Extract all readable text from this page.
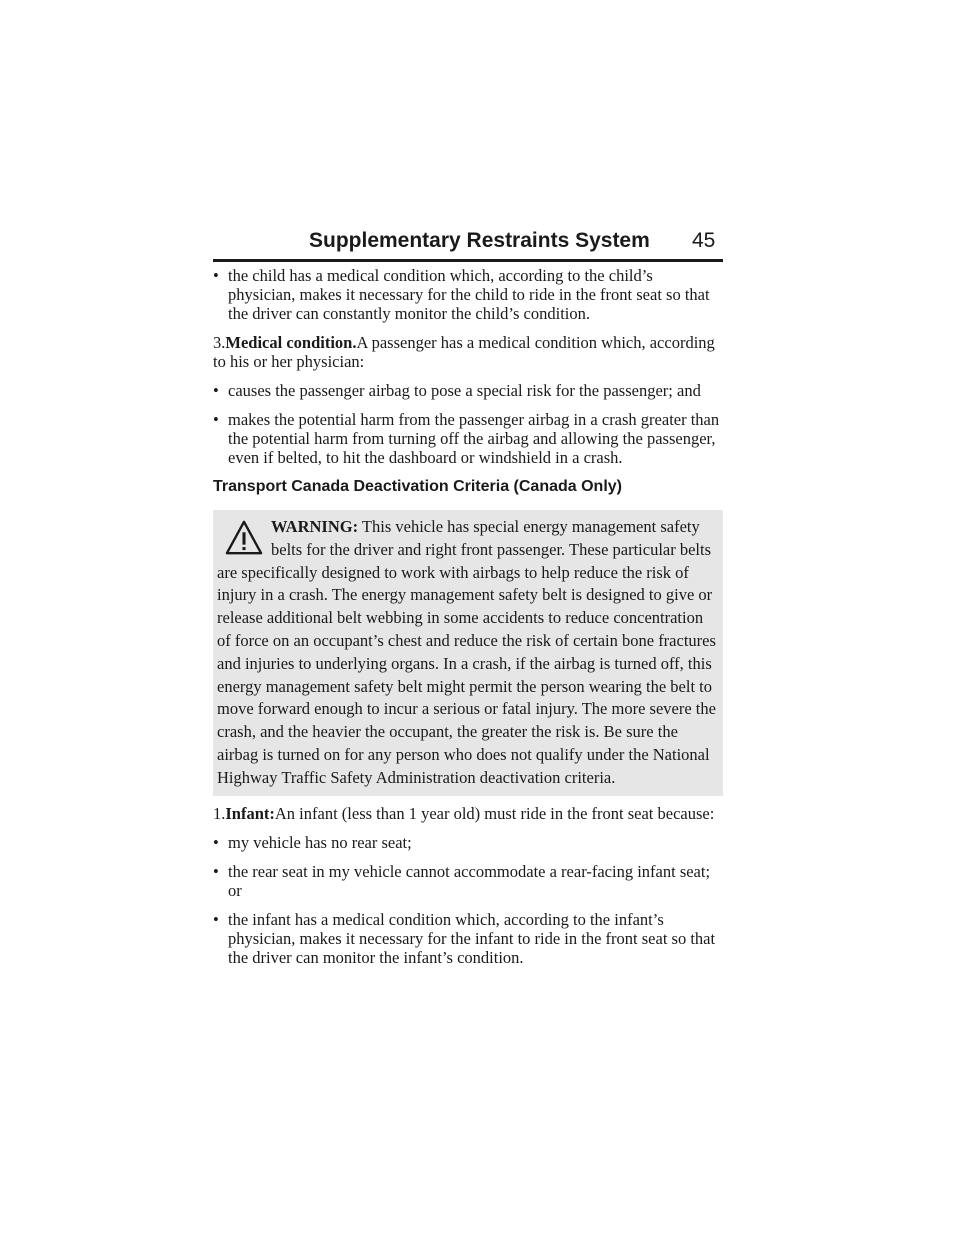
Supplementary Restraints System 45
• the child has a medical condition which, according to the child’s physician, makes it necessary for the child to ride in the front seat so that the driver can constantly monitor the child’s condition.

3.Medical condition.A passenger has a medical condition which, according to his or her physician:

• causes the passenger airbag to pose a special risk for the passenger; and
• makes the potential harm from the passenger airbag in a crash greater than the potential harm from turning off the airbag and allowing the passenger, even if belted, to hit the dashboard or windshield in a crash.

Transport Canada Deactivation Criteria (Canada Only)

WARNING: This vehicle has special energy management safety belts for the driver and right front passenger. These particular belts are specifically designed to work with airbags to help reduce the risk of injury in a crash. The energy management safety belt is designed to give or release additional belt webbing in some accidents to reduce concentration of force on an occupant’s chest and reduce the risk of certain bone fractures and injuries to underlying organs. In a crash, if the airbag is turned off, this energy management safety belt might permit the person wearing the belt to move forward enough to incur a serious or fatal injury. The more severe the crash, and the heavier the occupant, the greater the risk is. Be sure the airbag is turned on for any person who does not qualify under the National Highway Traffic Safety Administration deactivation criteria.

1.Infant:An infant (less than 1 year old) must ride in the front seat because:

• my vehicle has no rear seat;
• the rear seat in my vehicle cannot accommodate a rear-facing infant seat; or
• the infant has a medical condition which, according to the infant’s physician, makes it necessary for the infant to ride in the front seat so that the driver can monitor the infant’s condition.
